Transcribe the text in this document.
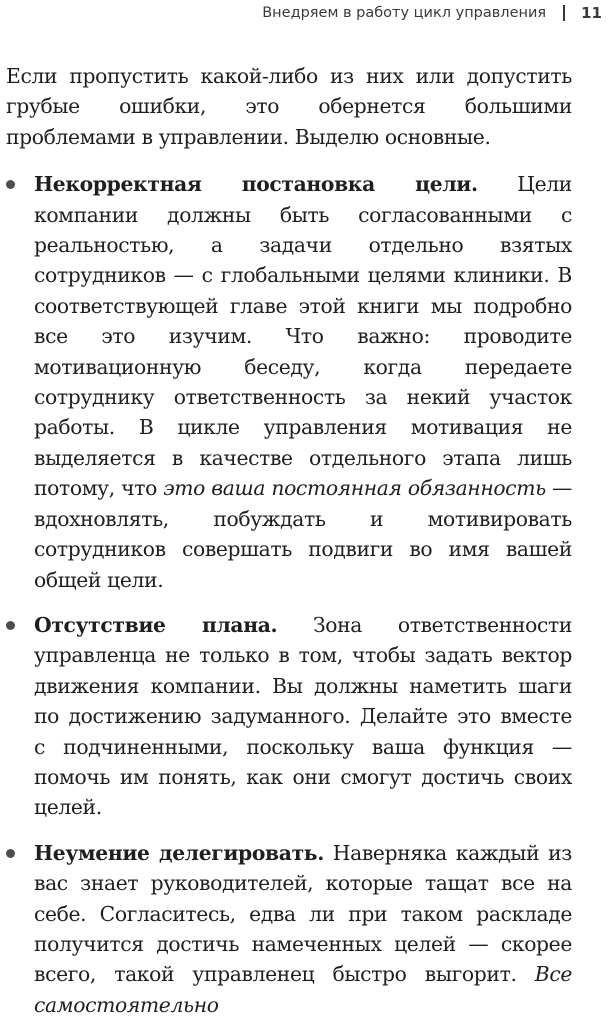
Внедряем в работу цикл управления 11

Если пропустить какой-либо из них или допустить грубые ошибки, это обернется большими проблемами в управлении. Выделю основные.

Некорректная постановка цели. Цели компании должны быть согласованными с реальностью, а задачи отдельно взятых сотрудников — с глобальными целями клиники. В соответствующей главе этой книги мы подробно все это изучим. Что важно: проводите мотивационную беседу, когда передаете сотруднику ответственность за некий участок работы. В цикле управления мотивация не выделяется в качестве отдельного этапа лишь потому, что это ваша постоянная обязанность — вдохновлять, побуждать и мотивировать сотрудников совершать подвиги во имя вашей общей цели.
Отсутствие плана. Зона ответственности управленца не только в том, чтобы задать вектор движения компании. Вы должны наметить шаги по достижению задуманного. Делайте это вместе с подчиненными, поскольку ваша функция — помочь им понять, как они смогут достичь своих целей.
Неумение делегировать. Наверняка каждый из вас знает руководителей, которые тащат все на себе. Согласитесь, едва ли при таком раскладе получится достичь намеченных целей — скорее всего, такой управленец быстро выгорит. Все самостоятельно
